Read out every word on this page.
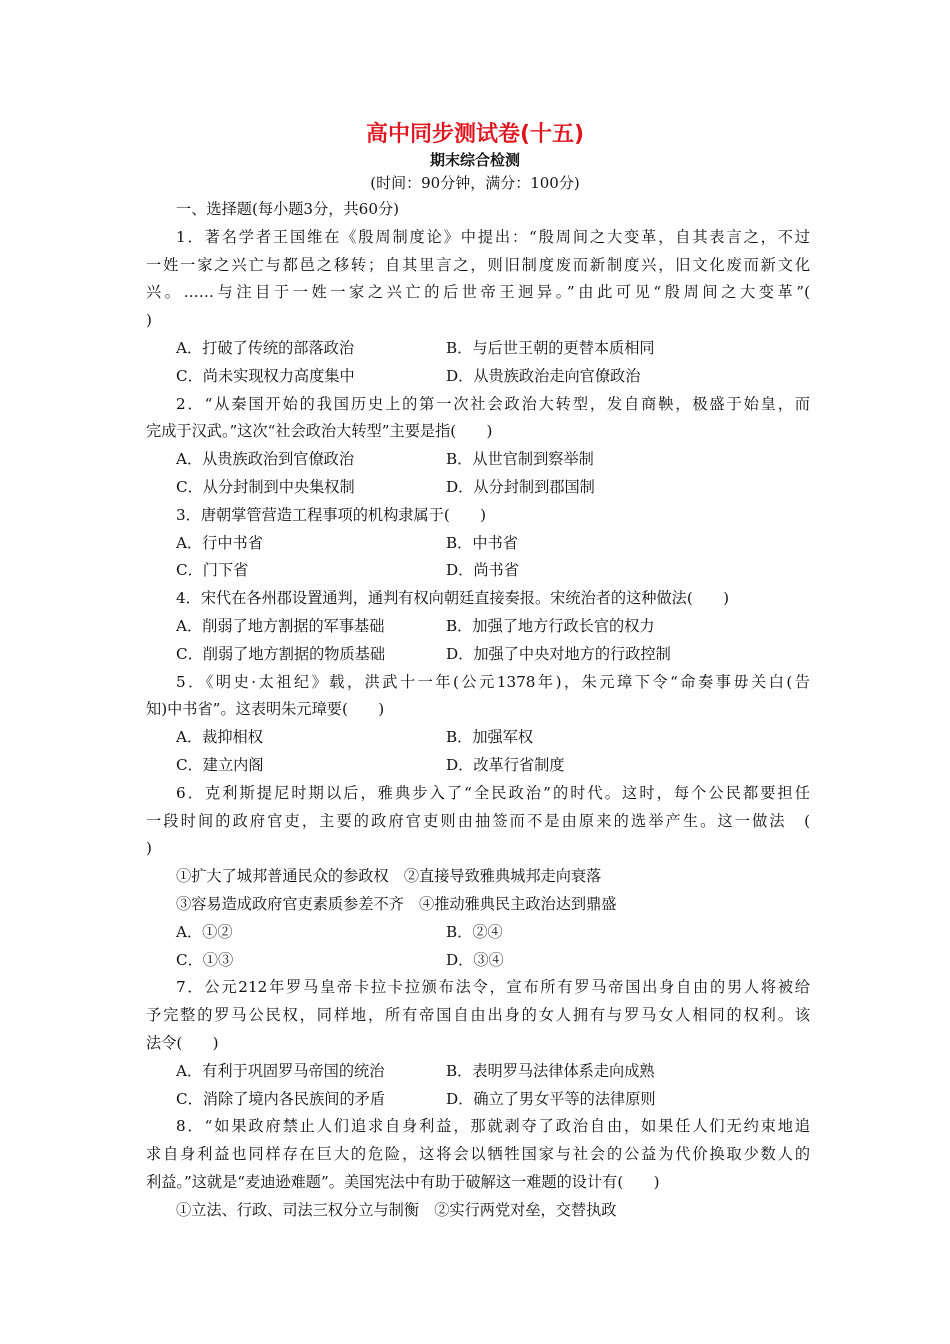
高中同步测试卷(十五)
期末综合检测
(时间：90分钟，满分：100分)
一、选择题(每小题3分，共60分)
1．著名学者王国维在《殷周制度论》中提出：“殷周间之大变革，自其表言之，不过
一姓一家之兴亡与都邑之移转；自其里言之，则旧制度废而新制度兴，旧文化废而新文化
兴。……与注目于一姓一家之兴亡的后世帝王迥异。”由此可见“殷周间之大变革”(
)
A．打破了传统的部落政治	B．与后世王朝的更替本质相同
C．尚未实现权力高度集中	D．从贵族政治走向官僚政治
2．“从秦国开始的我国历史上的第一次社会政治大转型，发自商鞅，极盛于始皇，而
完成于汉武。”这次“社会政治大转型”主要是指(　　)
A．从贵族政治到官僚政治	B．从世官制到察举制
C．从分封制到中央集权制	D．从分封制到郡国制
3．唐朝掌管营造工程事项的机构隶属于(　　)
A．行中书省	B．中书省
C．门下省	D．尚书省
4．宋代在各州郡设置通判，通判有权向朝廷直接奏报。宋统治者的这种做法(　　)
A．削弱了地方割据的军事基础	B．加强了地方行政长官的权力
C．削弱了地方割据的物质基础	D．加强了中央对地方的行政控制
5．《明史·太祖纪》载，洪武十一年(公元1378年)，朱元璋下令“命奏事毋关白(告
知)中书省”。这表明朱元璋要(　　)
A．裁抑相权	B．加强军权
C．建立内阁	D．改革行省制度
6．克利斯提尼时期以后，雅典步入了“全民政治”的时代。这时，每个公民都要担任
一段时间的政府官吏，主要的政府官吏则由抽签而不是由原来的选举产生。这一做法　(
)
①扩大了城邦普通民众的参政权　②直接导致雅典城邦走向衰落
③容易造成政府官吏素质参差不齐　④推动雅典民主政治达到鼎盛
A．①②	B．②④
C．①③	D．③④
7．公元212年罗马皇帝卡拉卡拉颁布法令，宣布所有罗马帝国出身自由的男人将被给
予完整的罗马公民权，同样地，所有帝国自由出身的女人拥有与罗马女人相同的权利。该
法令(　　)
A．有利于巩固罗马帝国的统治	B．表明罗马法律体系走向成熟
C．消除了境内各民族间的矛盾	D．确立了男女平等的法律原则
8．“如果政府禁止人们追求自身利益，那就剥夺了政治自由，如果任人们无约束地追
求自身利益也同样存在巨大的危险，这将会以牺牲国家与社会的公益为代价换取少数人的
利益。”这就是“麦迪逊难题”。美国宪法中有助于破解这一难题的设计有(　　)
①立法、行政、司法三权分立与制衡　②实行两党对垒，交替执政
